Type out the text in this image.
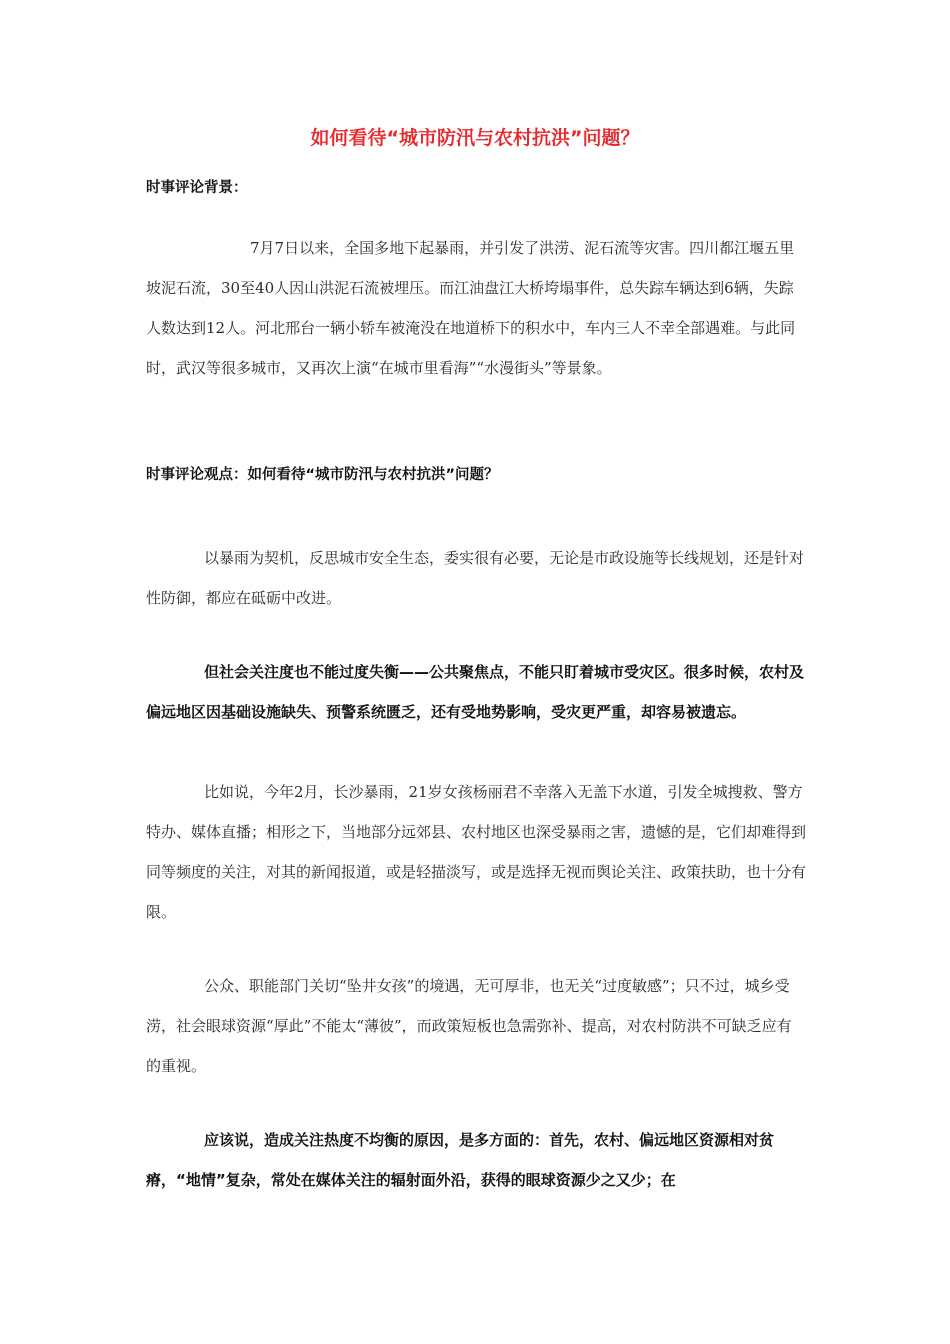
如何看待“城市防汛与农村抗洪”问题？
时事评论背景：

7月7日以来，全国多地下起暴雨，并引发了洪涝、泥石流等灾害。四川都江堰五里坡泥石流，30至40人因山洪泥石流被埋压。而江油盘江大桥垮塌事件，总失踪车辆达到6辆，失踪人数达到12人。河北邢台一辆小轿车被淹没在地道桥下的积水中，车内三人不幸全部遇难。与此同时，武汉等很多城市，又再次上演“在城市里看海”“水漫街头”等景象。

时事评论观点：如何看待“城市防汛与农村抗洪”问题？

以暴雨为契机，反思城市安全生态，委实很有必要，无论是市政设施等长线规划，还是针对性防御，都应在砥砺中改进。

但社会关注度也不能过度失衡——公共聚焦点，不能只盯着城市受灾区。很多时候，农村及偏远地区因基础设施缺失、预警系统匮乏，还有受地势影响，受灾更严重，却容易被遗忘。

比如说，今年2月，长沙暴雨，21岁女孩杨丽君不幸落入无盖下水道，引发全城搜救、警方特办、媒体直播；相形之下，当地部分远郊县、农村地区也深受暴雨之害，遗憾的是，它们却难得到同等频度的关注，对其的新闻报道，或是轻描淡写，或是选择无视而舆论关注、政策扶助，也十分有限。

公众、职能部门关切“坠井女孩”的境遇，无可厚非，也无关“过度敏感”；只不过，城乡受涝，社会眼球资源“厚此”不能太“薄彼”，而政策短板也急需弥补、提高，对农村防洪不可缺乏应有的重视。

应该说，造成关注热度不均衡的原因，是多方面的：首先，农村、偏远地区资源相对贫瘠，“地情”复杂，常处在媒体关注的辐射面外沿，获得的眼球资源少之又少；在
